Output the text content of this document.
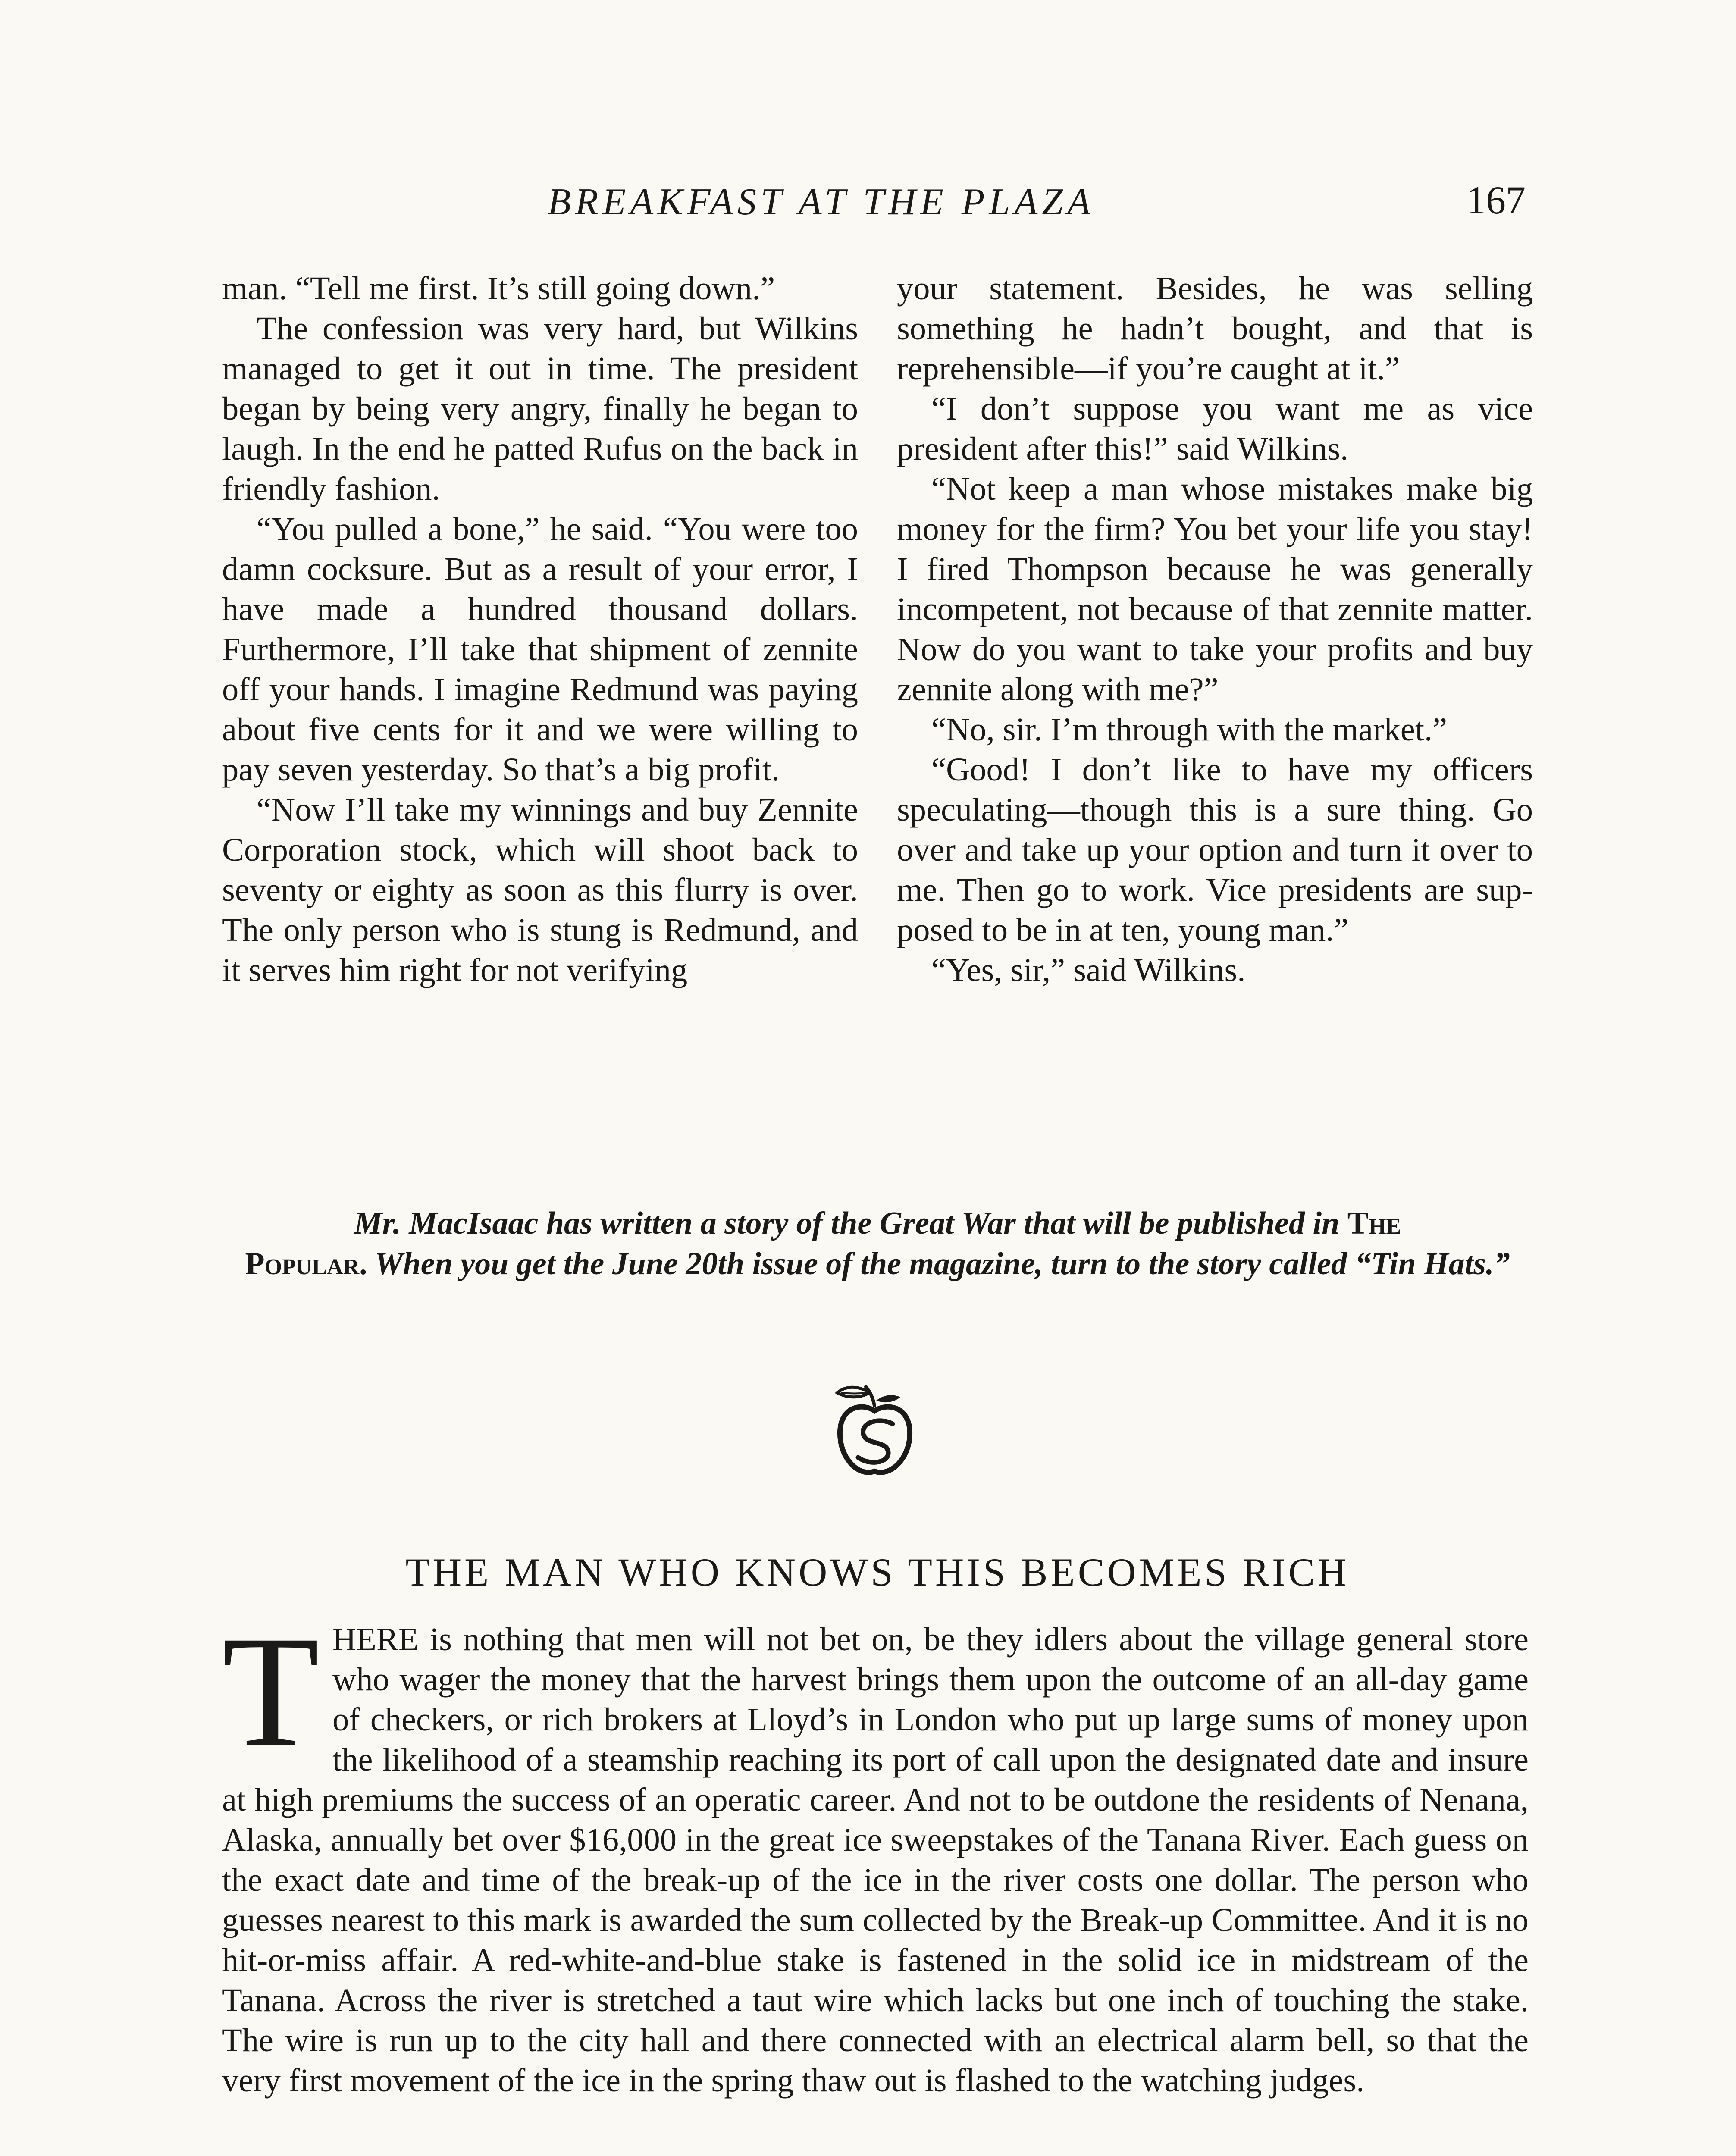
BREAKFAST AT THE PLAZA	167

man. “Tell me first. It’s still going down.”

The confession was very hard, but Wilkins managed to get it out in time. The president began by being very angry, finally he began to laugh. In the end he patted Rufus on the back in friendly fashion.

“You pulled a bone,” he said. “You were too damn cocksure. But as a result of your error, I have made a hundred thousand dollars. Furthermore, I’ll take that shipment of zennite off your hands. I imagine Redmund was paying about five cents for it and we were willing to pay seven yesterday. So that’s a big profit.

“Now I’ll take my winnings and buy Zennite Corporation stock, which will shoot back to seventy or eighty as soon as this flurry is over. The only person who is stung is Redmund, and it serves him right for not verifying

your statement. Besides, he was selling something he hadn’t bought, and that is reprehensible—if you’re caught at it.”

“I don’t suppose you want me as vice president after this!” said Wilkins.

“Not keep a man whose mistakes make big money for the firm? You bet your life you stay! I fired Thompson because he was generally incompetent, not because of that zennite matter. Now do you want to take your profits and buy zennite along with me?”

“No, sir. I’m through with the market.”

“Good! I don’t like to have my officers speculating—though this is a sure thing. Go over and take up your option and turn it over to me. Then go to work. Vice presidents are supposed to be in at ten, young man.”

“Yes, sir,” said Wilkins.

Mr. MacIsaac has written a story of the Great War that will be published in The
Popular. When you get the June 20th issue of the magazine, turn to the story called “Tin Hats.”
THE MAN WHO KNOWS THIS BECOMES RICH

T HERE is nothing that men will not bet on, be they idlers about the village general store who wager the money that the harvest brings them upon the outcome of an all-day game of checkers, or rich brokers at Lloyd’s in London who put up large sums of money upon the likelihood of a steamship reaching its port of call upon the designated date and insure at high premiums the success of an operatic career. And not to be outdone the residents of Nenana, Alaska, annually bet over $16,000 in the great ice sweepstakes of the Tanana River. Each guess on the exact date and time of the break-up of the ice in the river costs one dollar. The person who guesses nearest to this mark is awarded the sum collected by the Break-up Committee. And it is no hit-or-miss affair. A red-white-and-blue stake is fastened in the solid ice in midstream of the Tanana. Across the river is stretched a taut wire which lacks but one inch of touching the stake. The wire is run up to the city hall and there connected with an electrical alarm bell, so that the very first movement of the ice in the spring thaw out is flashed to the watching judges.
